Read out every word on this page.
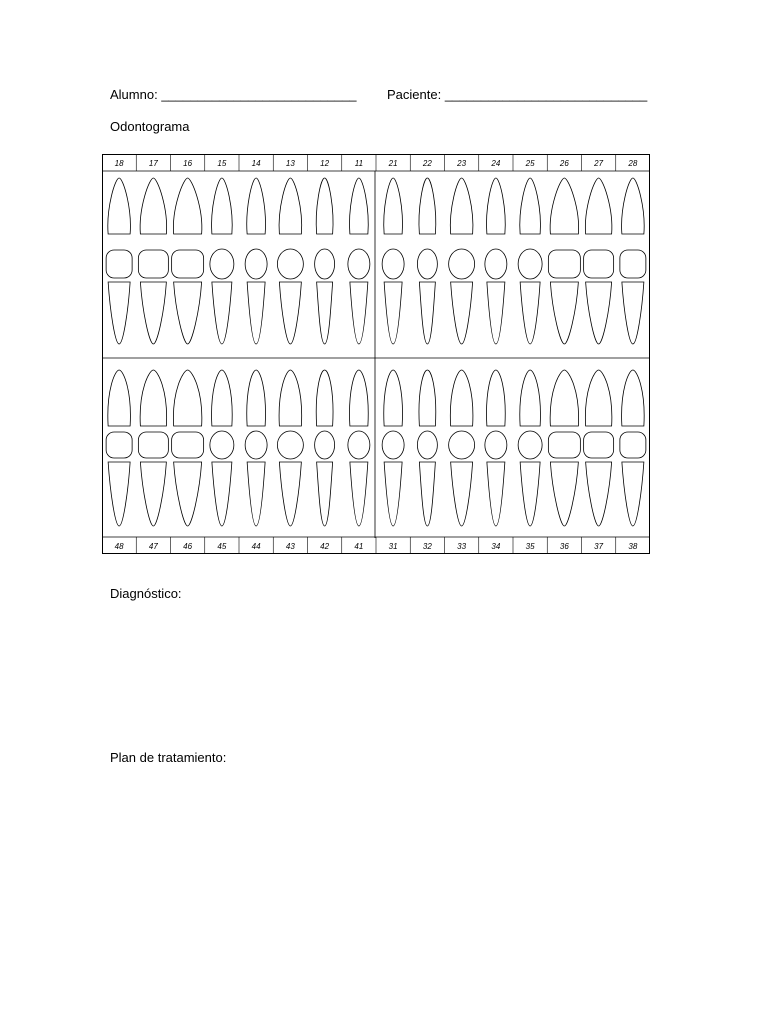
Alumno: ___________________________ Paciente: ____________________________
Odontograma
18	17	16	15	14	13	12	11	21	22	23	24	25	26	27	28
48	47	46	45	44	43	42	41	31	32	33	34	35	36	37	38
Diagnóstico:
Plan de tratamiento:
